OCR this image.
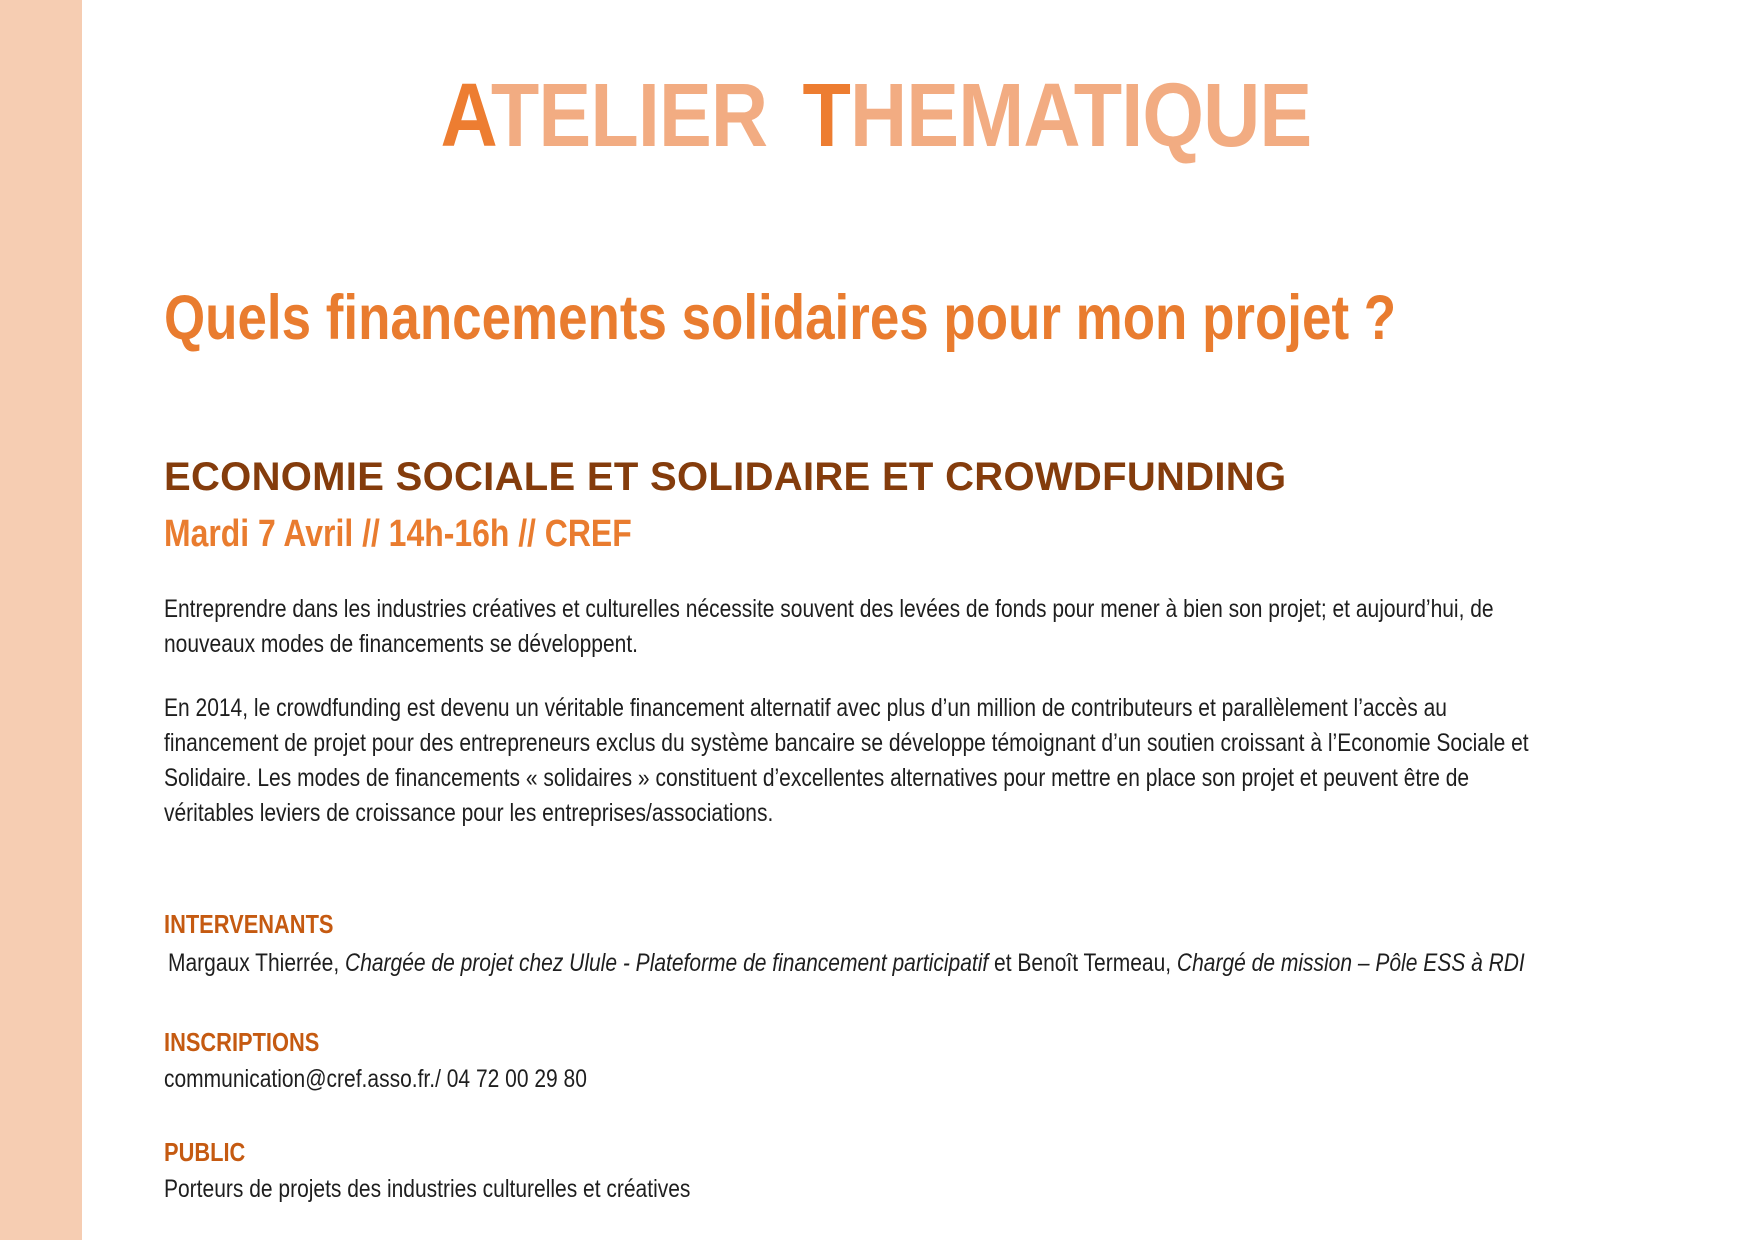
ATELIER THEMATIQUE
Quels financements solidaires pour mon projet ?
ECONOMIE SOCIALE ET SOLIDAIRE ET CROWDFUNDING
Mardi 7 Avril // 14h-16h // CREF

Entreprendre dans les industries créatives et culturelles nécessite souvent des levées de fonds pour mener à bien son projet; et aujourd’hui, de nouveaux modes de financements se développent.

En 2014, le crowdfunding est devenu un véritable financement alternatif avec plus d’un million de contributeurs et parallèlement l’accès au financement de projet pour des entrepreneurs exclus du système bancaire se développe témoignant d’un soutien croissant à l’Economie Sociale et Solidaire. Les modes de financements « solidaires » constituent d’excellentes alternatives pour mettre en place son projet et peuvent être de véritables leviers de croissance pour les entreprises/associations.

INTERVENANTS
Margaux Thierrée, Chargée de projet chez Ulule - Plateforme de financement participatif et Benoît Termeau, Chargé de mission – Pôle ESS à RDI
INSCRIPTIONS
communication@cref.asso.fr./ 04 72 00 29 80
PUBLIC
Porteurs de projets des industries culturelles et créatives
